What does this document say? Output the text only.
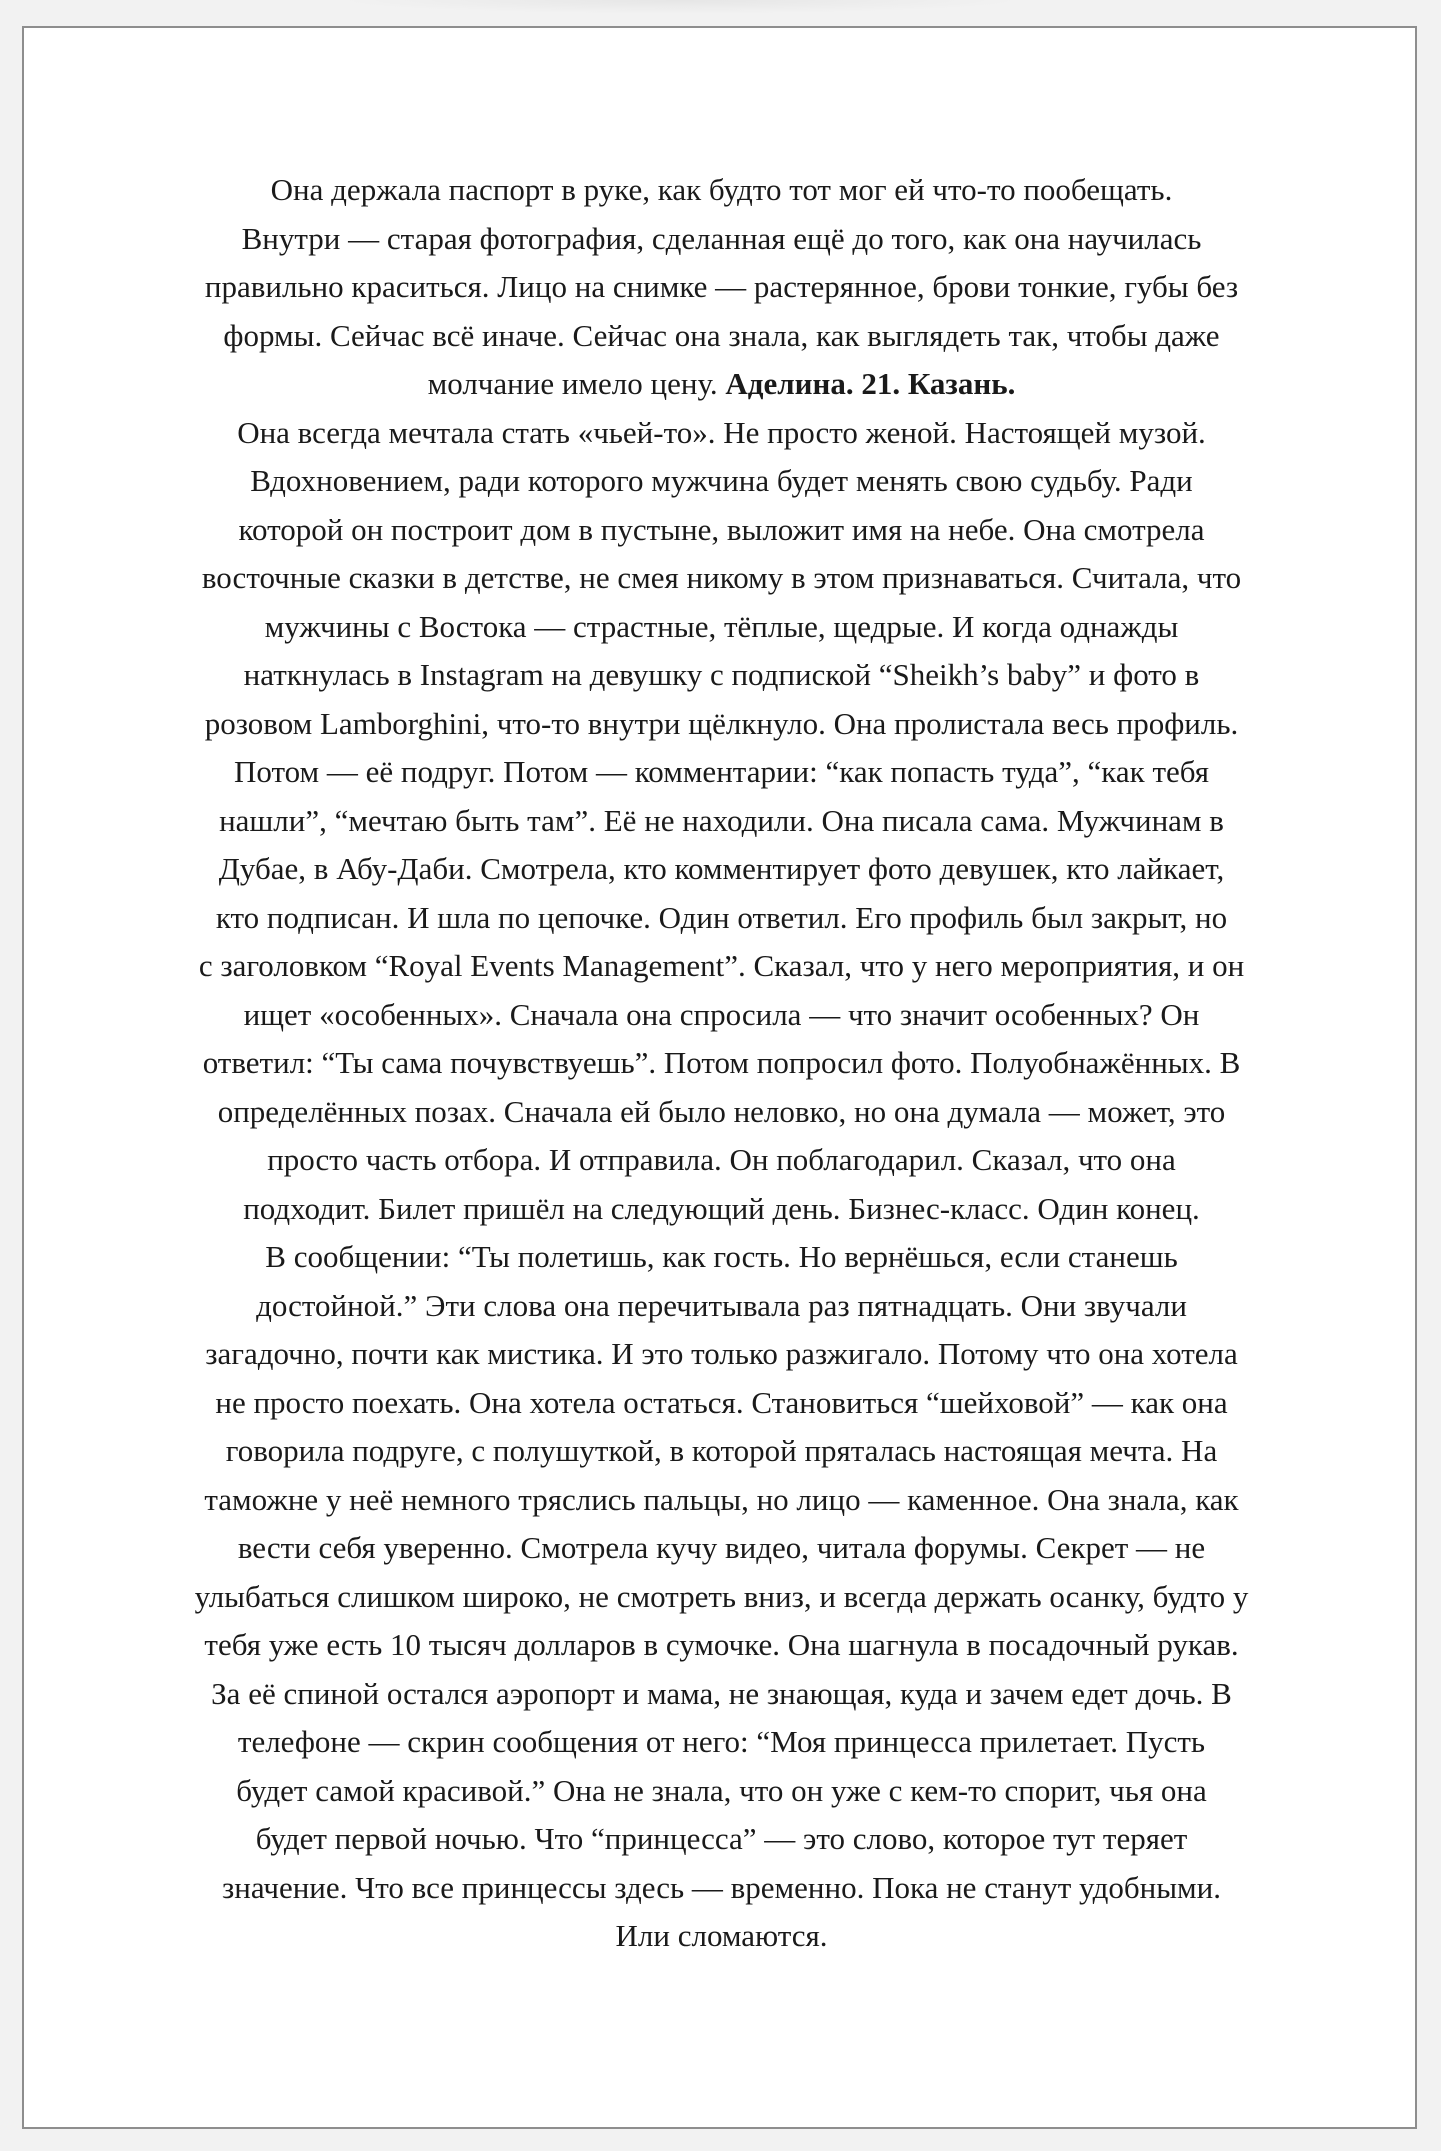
Она держала паспорт в руке, как будто тот мог ей что-то пообещать.
Внутри — старая фотография, сделанная ещё до того, как она научилась
правильно краситься. Лицо на снимке — растерянное, брови тонкие, губы без
формы. Сейчас всё иначе. Сейчас она знала, как выглядеть так, чтобы даже
молчание имело цену. Аделина. 21. Казань.
Она всегда мечтала стать «чьей-то». Не просто женой. Настоящей музой.
Вдохновением, ради которого мужчина будет менять свою судьбу. Ради
которой он построит дом в пустыне, выложит имя на небе. Она смотрела
восточные сказки в детстве, не смея никому в этом признаваться. Считала, что
мужчины с Востока — страстные, тёплые, щедрые. И когда однажды
наткнулась в Instagram на девушку с подпиской “Sheikh’s baby” и фото в
розовом Lamborghini, что-то внутри щёлкнуло. Она пролистала весь профиль.
Потом — её подруг. Потом — комментарии: “как попасть туда”, “как тебя
нашли”, “мечтаю быть там”. Её не находили. Она писала сама. Мужчинам в
Дубае, в Абу-Даби. Смотрела, кто комментирует фото девушек, кто лайкает,
кто подписан. И шла по цепочке. Один ответил. Его профиль был закрыт, но
с заголовком “Royal Events Management”. Сказал, что у него мероприятия, и он
ищет «особенных». Сначала она спросила — что значит особенных? Он
ответил: “Ты сама почувствуешь”. Потом попросил фото. Полуобнажённых. В
определённых позах. Сначала ей было неловко, но она думала — может, это
просто часть отбора. И отправила. Он поблагодарил. Сказал, что она
подходит. Билет пришёл на следующий день. Бизнес-класс. Один конец.
В сообщении: “Ты полетишь, как гость. Но вернёшься, если станешь
достойной.” Эти слова она перечитывала раз пятнадцать. Они звучали
загадочно, почти как мистика. И это только разжигало. Потому что она хотела
не просто поехать. Она хотела остаться. Становиться “шейховой” — как она
говорила подруге, с полушуткой, в которой пряталась настоящая мечта. На
таможне у неё немного тряслись пальцы, но лицо — каменное. Она знала, как
вести себя уверенно. Смотрела кучу видео, читала форумы. Секрет — не
улыбаться слишком широко, не смотреть вниз, и всегда держать осанку, будто у
тебя уже есть 10 тысяч долларов в сумочке. Она шагнула в посадочный рукав.
За её спиной остался аэропорт и мама, не знающая, куда и зачем едет дочь. В
телефоне — скрин сообщения от него: “Моя принцесса прилетает. Пусть
будет самой красивой.” Она не знала, что он уже с кем-то спорит, чья она
будет первой ночью. Что “принцесса” — это слово, которое тут теряет
значение. Что все принцессы здесь — временно. Пока не станут удобными.
Или сломаются.
